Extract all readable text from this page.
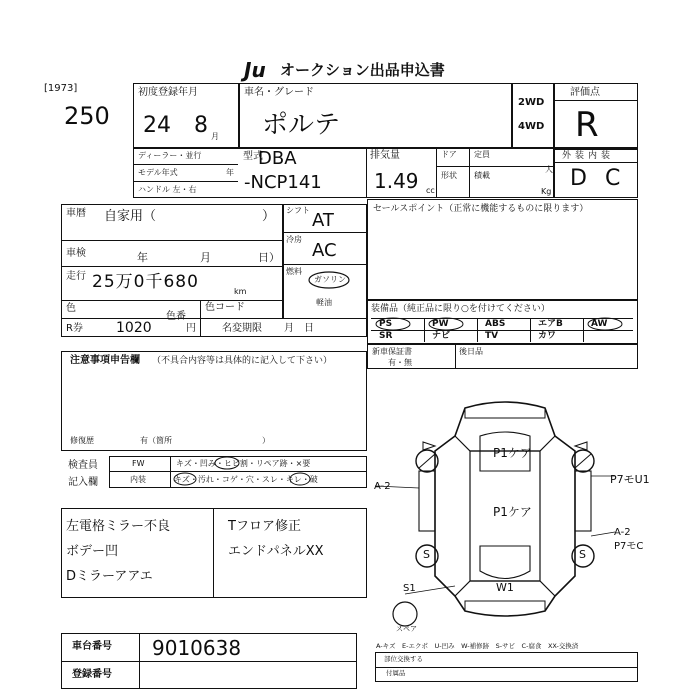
Ju オークション出品申込書
[1973]
250
初度登録年月
24 8 月
車名・グレード
ポルテ
2WD
4WD
評価点
R
外装内装
D C
ディーラー・並行
モデル年式	年
ハンドル 左・右
型式
DBA
-NCP141
排気量
1.49 cc
ドア 定員
人
形状 積載
Kg
車暦 自家用（	）
車検	年	月	日）
走行 25万0千680	km
色
色番
色コード
R券 1020	円	名変期限 月　日
シフト AT
冷房
AC
燃料
ガソリン
軽油
セールスポイント（正常に機能するものに限ります）
装備品（純正品に限り○を付けてください）
新車保証書
有・無
後日品
PS	PW	ABS	エアB	AW
SR	ナビ	TV	カワ
注意事項申告欄 （不具合内容等は具体的に記入して下さい）
修復歴	有（箇所	）
検査員
記入欄
FW	キズ・凹み・ヒビ割・リペア跡・×要
内装	キズ・汚れ・コゲ・穴・スレ・キレ・破
左電格ミラー不良
ボデー凹
Dミラーアアエ
Tフロア修正
エンドパネルXX
P1ケア
P7モU1
P1ケア
A-2
A-2
P7モC
S	S
W1
S1
スペア
A-キズ　E-エクボ　U-凹み　W-補修跡　S-サビ　C-腐食　XX-交換済
部位交換する
付属品
車台番号 9010638
登録番号
